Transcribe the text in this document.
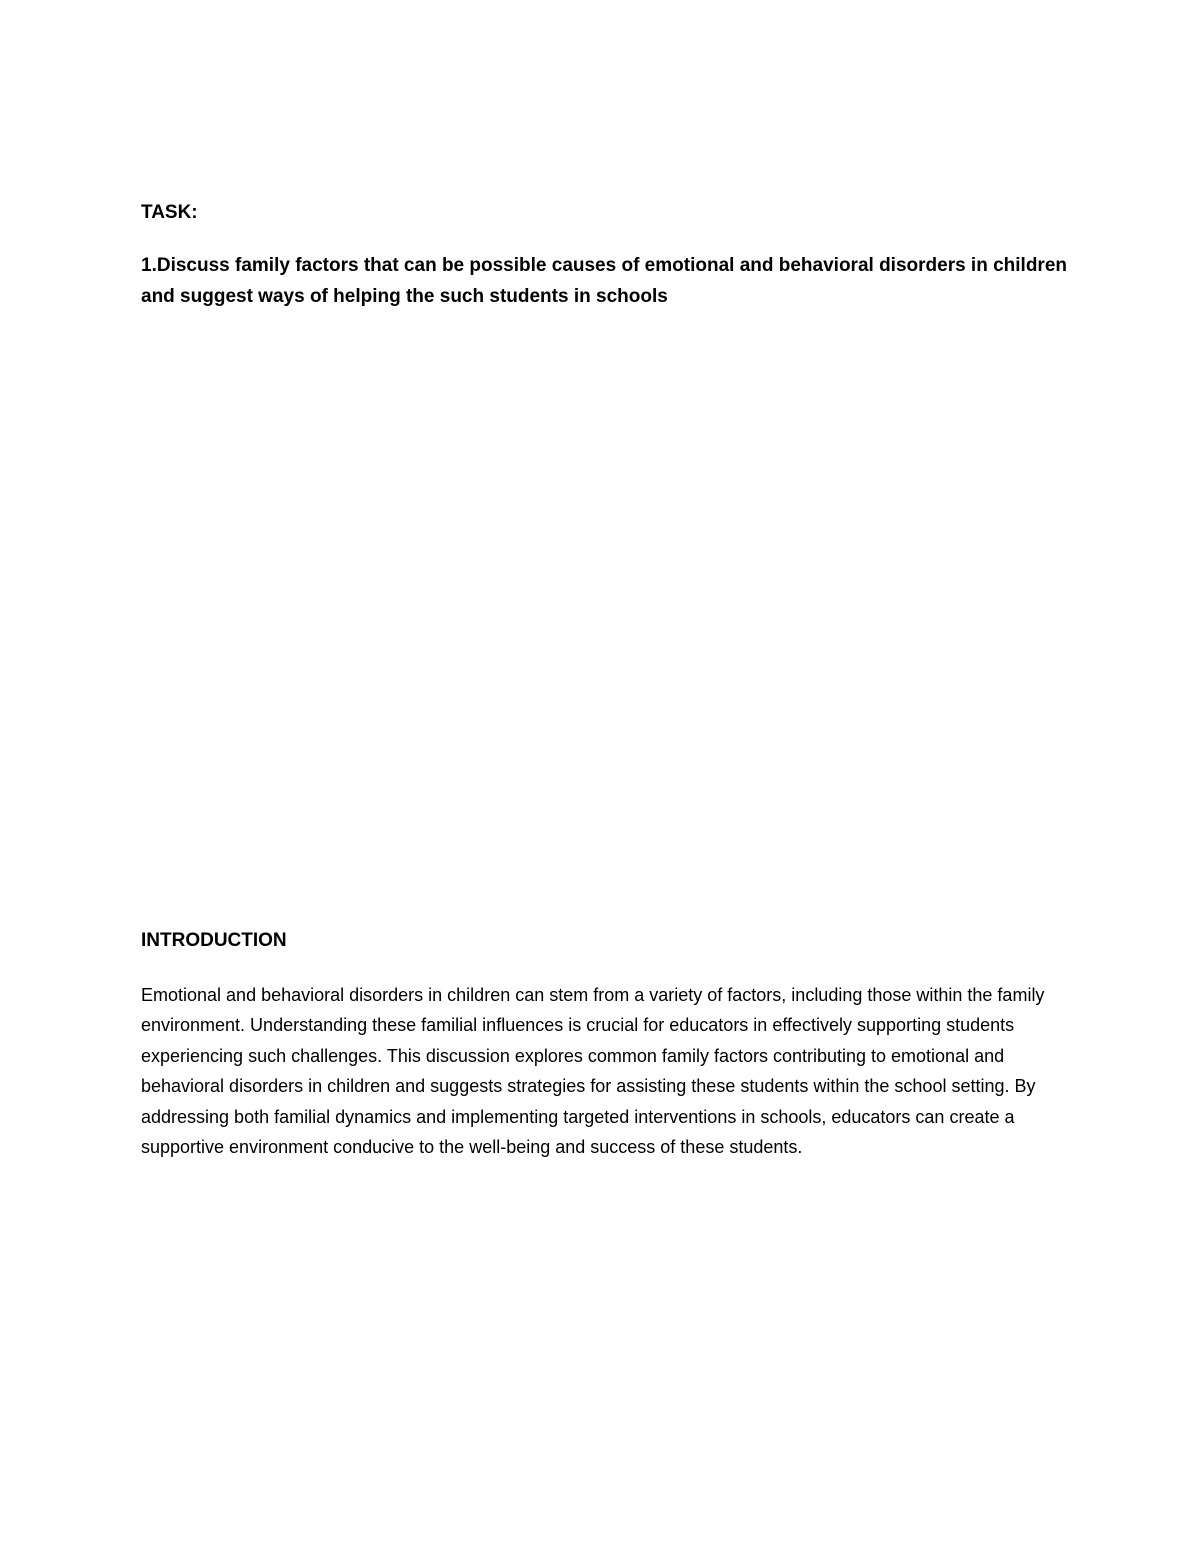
TASK:

1.Discuss family factors that can be possible causes of emotional and behavioral disorders in children and suggest ways of helping the such students in schools

INTRODUCTION

Emotional and behavioral disorders in children can stem from a variety of factors, including those within the family environment. Understanding these familial influences is crucial for educators in effectively supporting students experiencing such challenges. This discussion explores common family factors contributing to emotional and behavioral disorders in children and suggests strategies for assisting these students within the school setting. By addressing both familial dynamics and implementing targeted interventions in schools, educators can create a supportive environment conducive to the well-being and success of these students.
